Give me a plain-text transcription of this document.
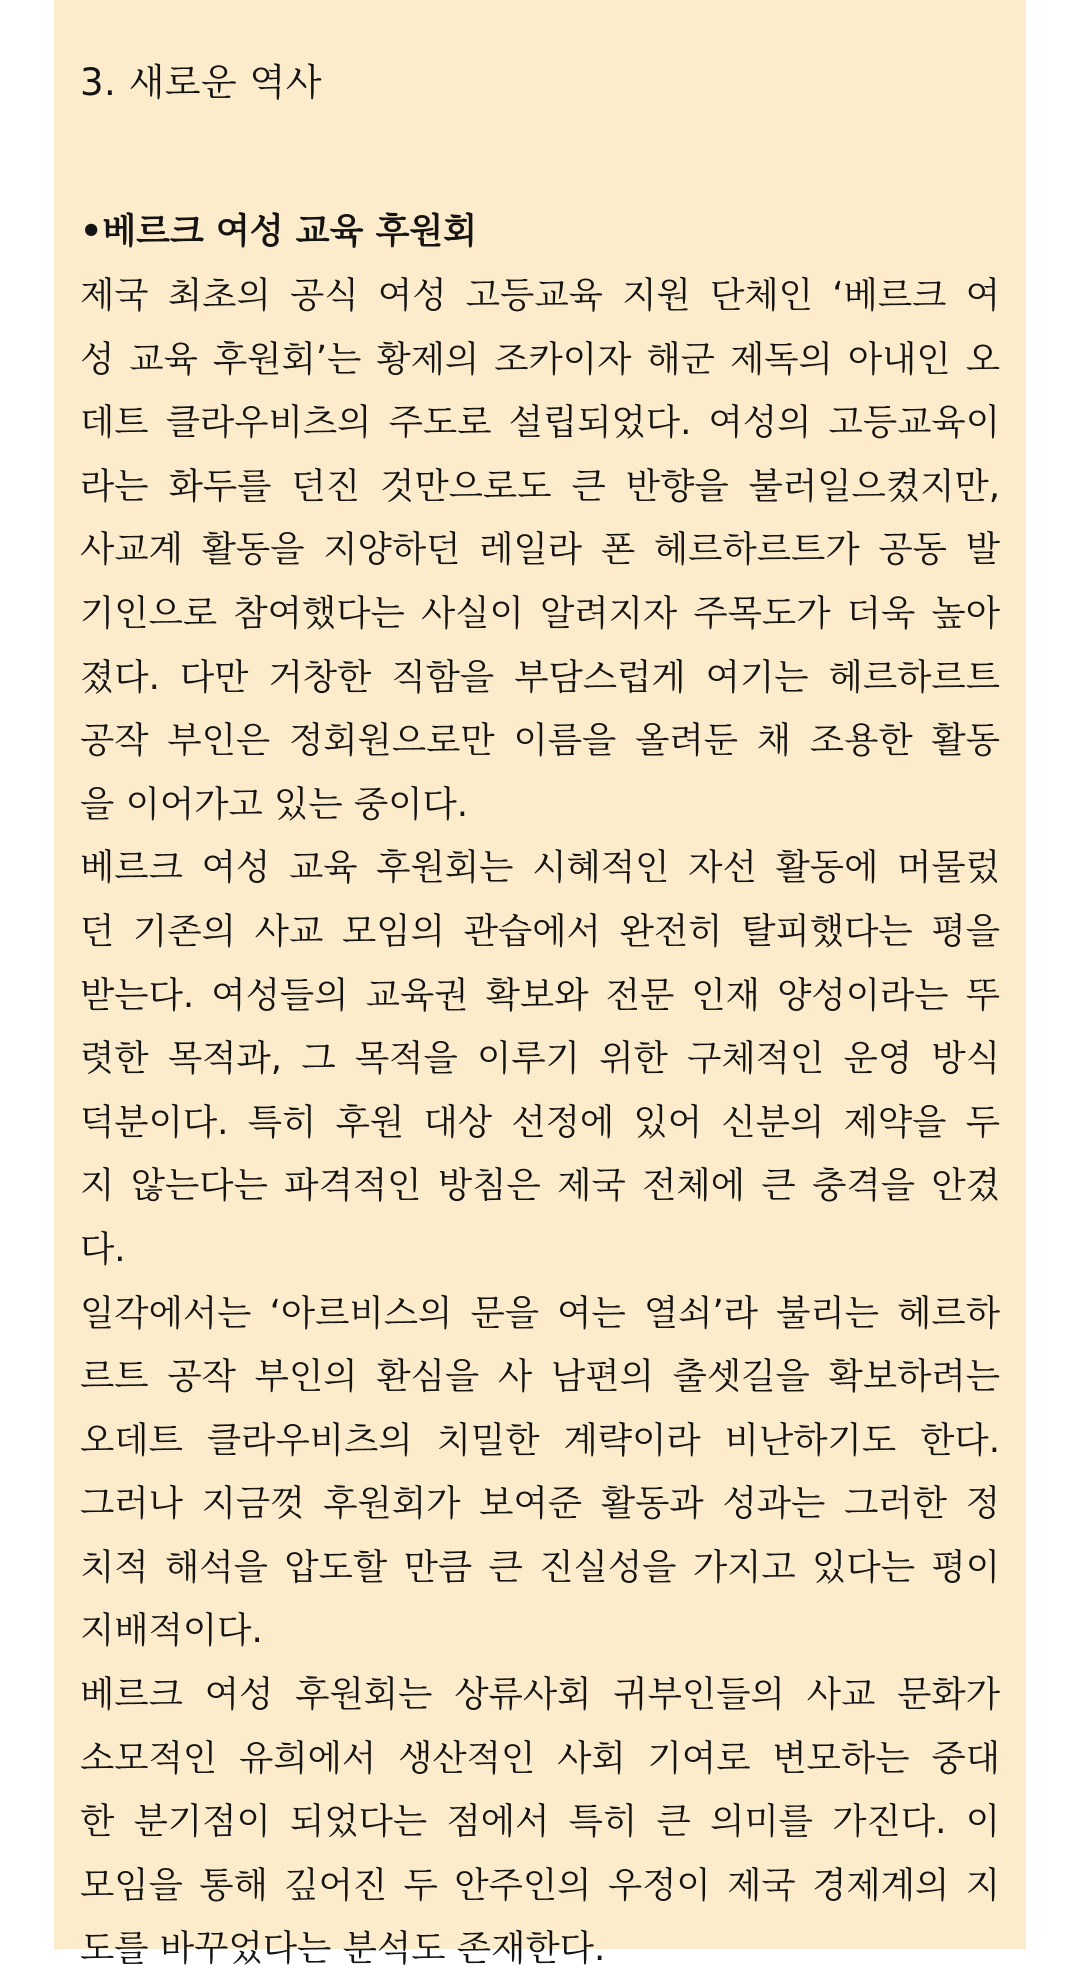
3. 새로운 역사
•베르크 여성 교육 후원회
제국 최초의 공식 여성 고등교육 지원 단체인 ‘베르크 여
성 교육 후원회’는 황제의 조카이자 해군 제독의 아내인 오
데트 클라우비츠의 주도로 설립되었다. 여성의 고등교육이
라는 화두를 던진 것만으로도 큰 반향을 불러일으켰지만,
사교계 활동을 지양하던 레일라 폰 헤르하르트가 공동 발
기인으로 참여했다는 사실이 알려지자 주목도가 더욱 높아
졌다. 다만 거창한 직함을 부담스럽게 여기는 헤르하르트
공작 부인은 정회원으로만 이름을 올려둔 채 조용한 활동
을 이어가고 있는 중이다.
베르크 여성 교육 후원회는 시혜적인 자선 활동에 머물렀
던 기존의 사교 모임의 관습에서 완전히 탈피했다는 평을
받는다. 여성들의 교육권 확보와 전문 인재 양성이라는 뚜
렷한 목적과, 그 목적을 이루기 위한 구체적인 운영 방식
덕분이다. 특히 후원 대상 선정에 있어 신분의 제약을 두
지 않는다는 파격적인 방침은 제국 전체에 큰 충격을 안겼
다.
일각에서는 ‘아르비스의 문을 여는 열쇠’라 불리는 헤르하
르트 공작 부인의 환심을 사 남편의 출셋길을 확보하려는
오데트 클라우비츠의 치밀한 계략이라 비난하기도 한다.
그러나 지금껏 후원회가 보여준 활동과 성과는 그러한 정
치적 해석을 압도할 만큼 큰 진실성을 가지고 있다는 평이
지배적이다.
베르크 여성 후원회는 상류사회 귀부인들의 사교 문화가
소모적인 유희에서 생산적인 사회 기여로 변모하는 중대
한 분기점이 되었다는 점에서 특히 큰 의미를 가진다. 이
모임을 통해 깊어진 두 안주인의 우정이 제국 경제계의 지
도를 바꾸었다는 분석도 존재한다.
